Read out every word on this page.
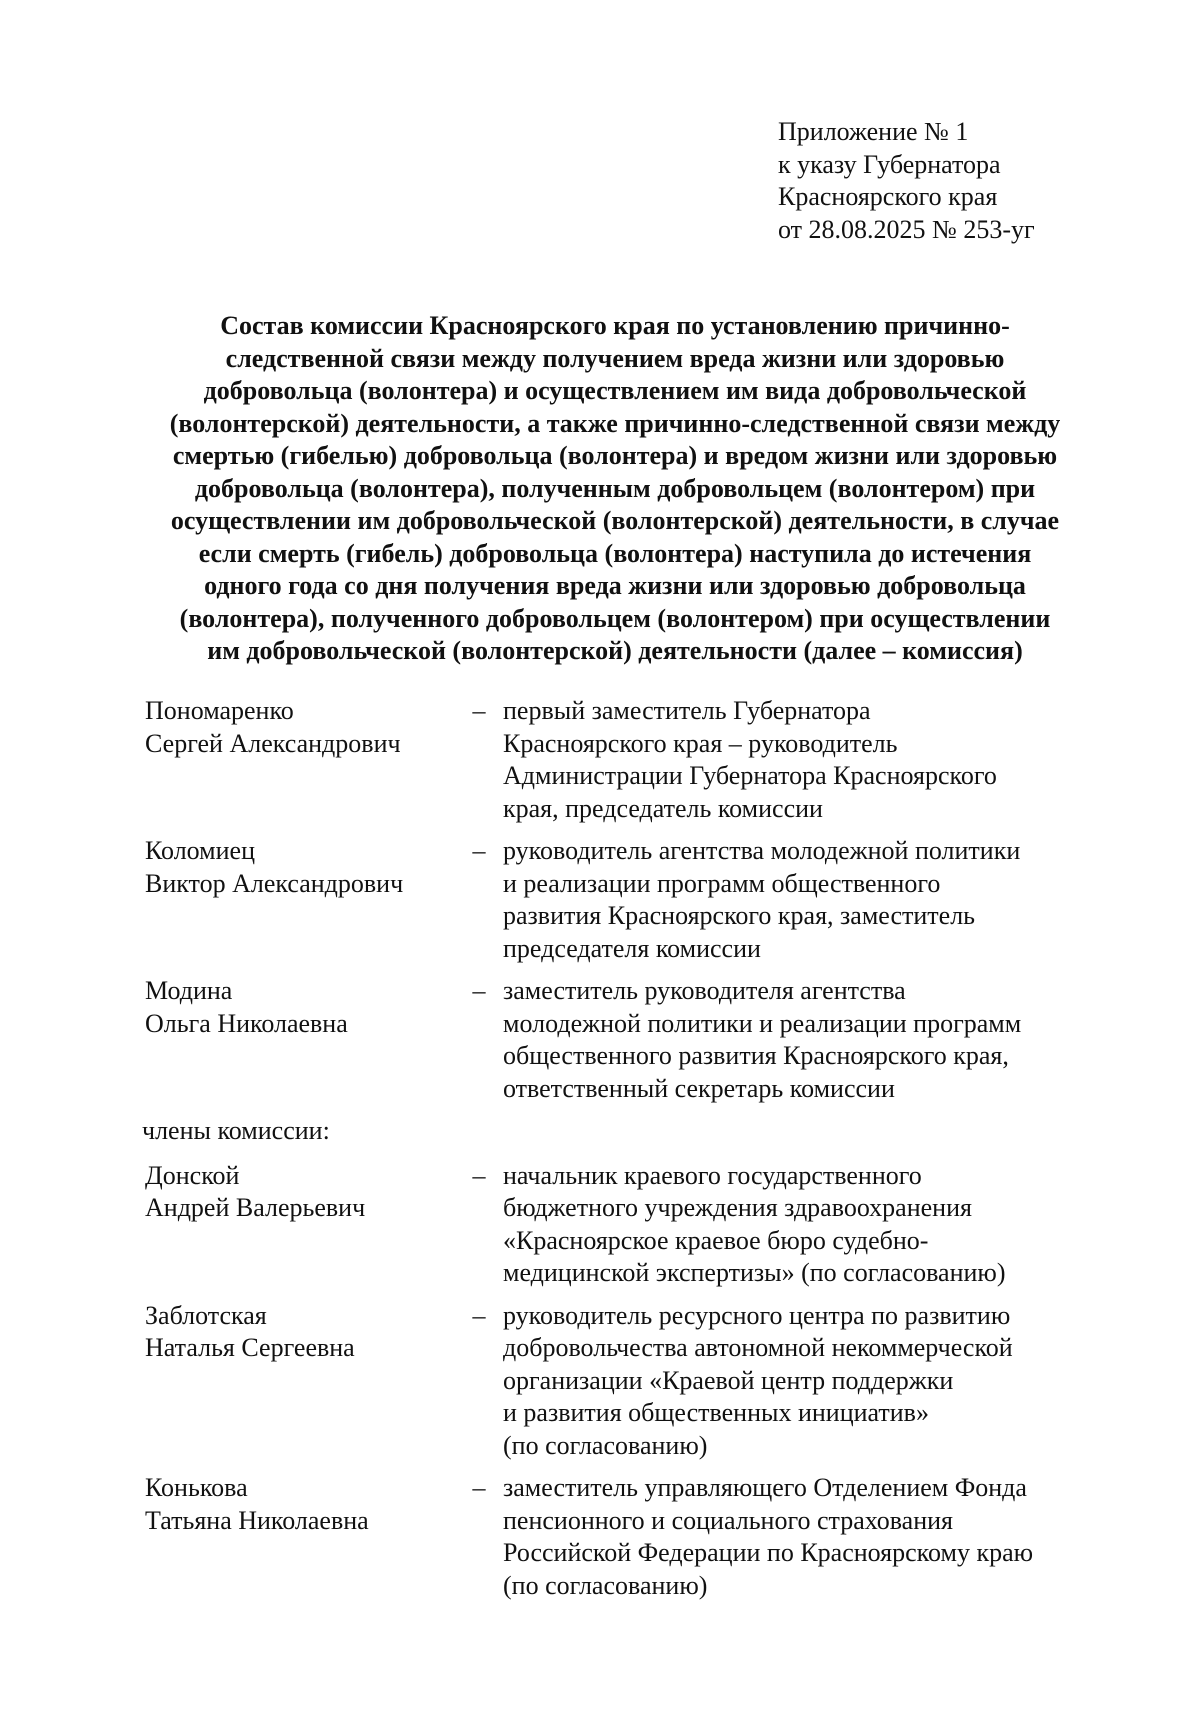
Приложение № 1
к указу Губернатора
Красноярского края
от 28.08.2025 № 253-уг
Состав комиссии Красноярского края по установлению причинно-
следственной связи между получением вреда жизни или здоровью
добровольца (волонтера) и осуществлением им вида добровольческой
(волонтерской) деятельности, а также причинно-следственной связи между
смертью (гибелью) добровольца (волонтера) и вредом жизни или здоровью
добровольца (волонтера), полученным добровольцем (волонтером) при
осуществлении им добровольческой (волонтерской) деятельности, в случае
если смерть (гибель) добровольца (волонтера) наступила до истечения
одного года со дня получения вреда жизни или здоровью добровольца
(волонтера), полученного добровольцем (волонтером) при осуществлении
им добровольческой (волонтерской) деятельности (далее – комиссия)
Пономаренко
Сергей Александрович
– первый заместитель Губернатора
Красноярского края – руководитель
Администрации Губернатора Красноярского
края, председатель комиссии
Коломиец
Виктор Александрович
– руководитель агентства молодежной политики
и реализации программ общественного
развития Красноярского края, заместитель
председателя комиссии
Модина
Ольга Николаевна
– заместитель руководителя агентства
молодежной политики и реализации программ
общественного развития Красноярского края,
ответственный секретарь комиссии
члены комиссии:
Донской
Андрей Валерьевич
– начальник краевого государственного
бюджетного учреждения здравоохранения
«Красноярское краевое бюро судебно-
медицинской экспертизы» (по согласованию)
Заблотская
Наталья Сергеевна
– руководитель ресурсного центра по развитию
добровольчества автономной некоммерческой
организации «Краевой центр поддержки
и развития общественных инициатив»
(по согласованию)
Конькова
Татьяна Николаевна
– заместитель управляющего Отделением Фонда
пенсионного и социального страхования
Российской Федерации по Красноярскому краю
(по согласованию)
